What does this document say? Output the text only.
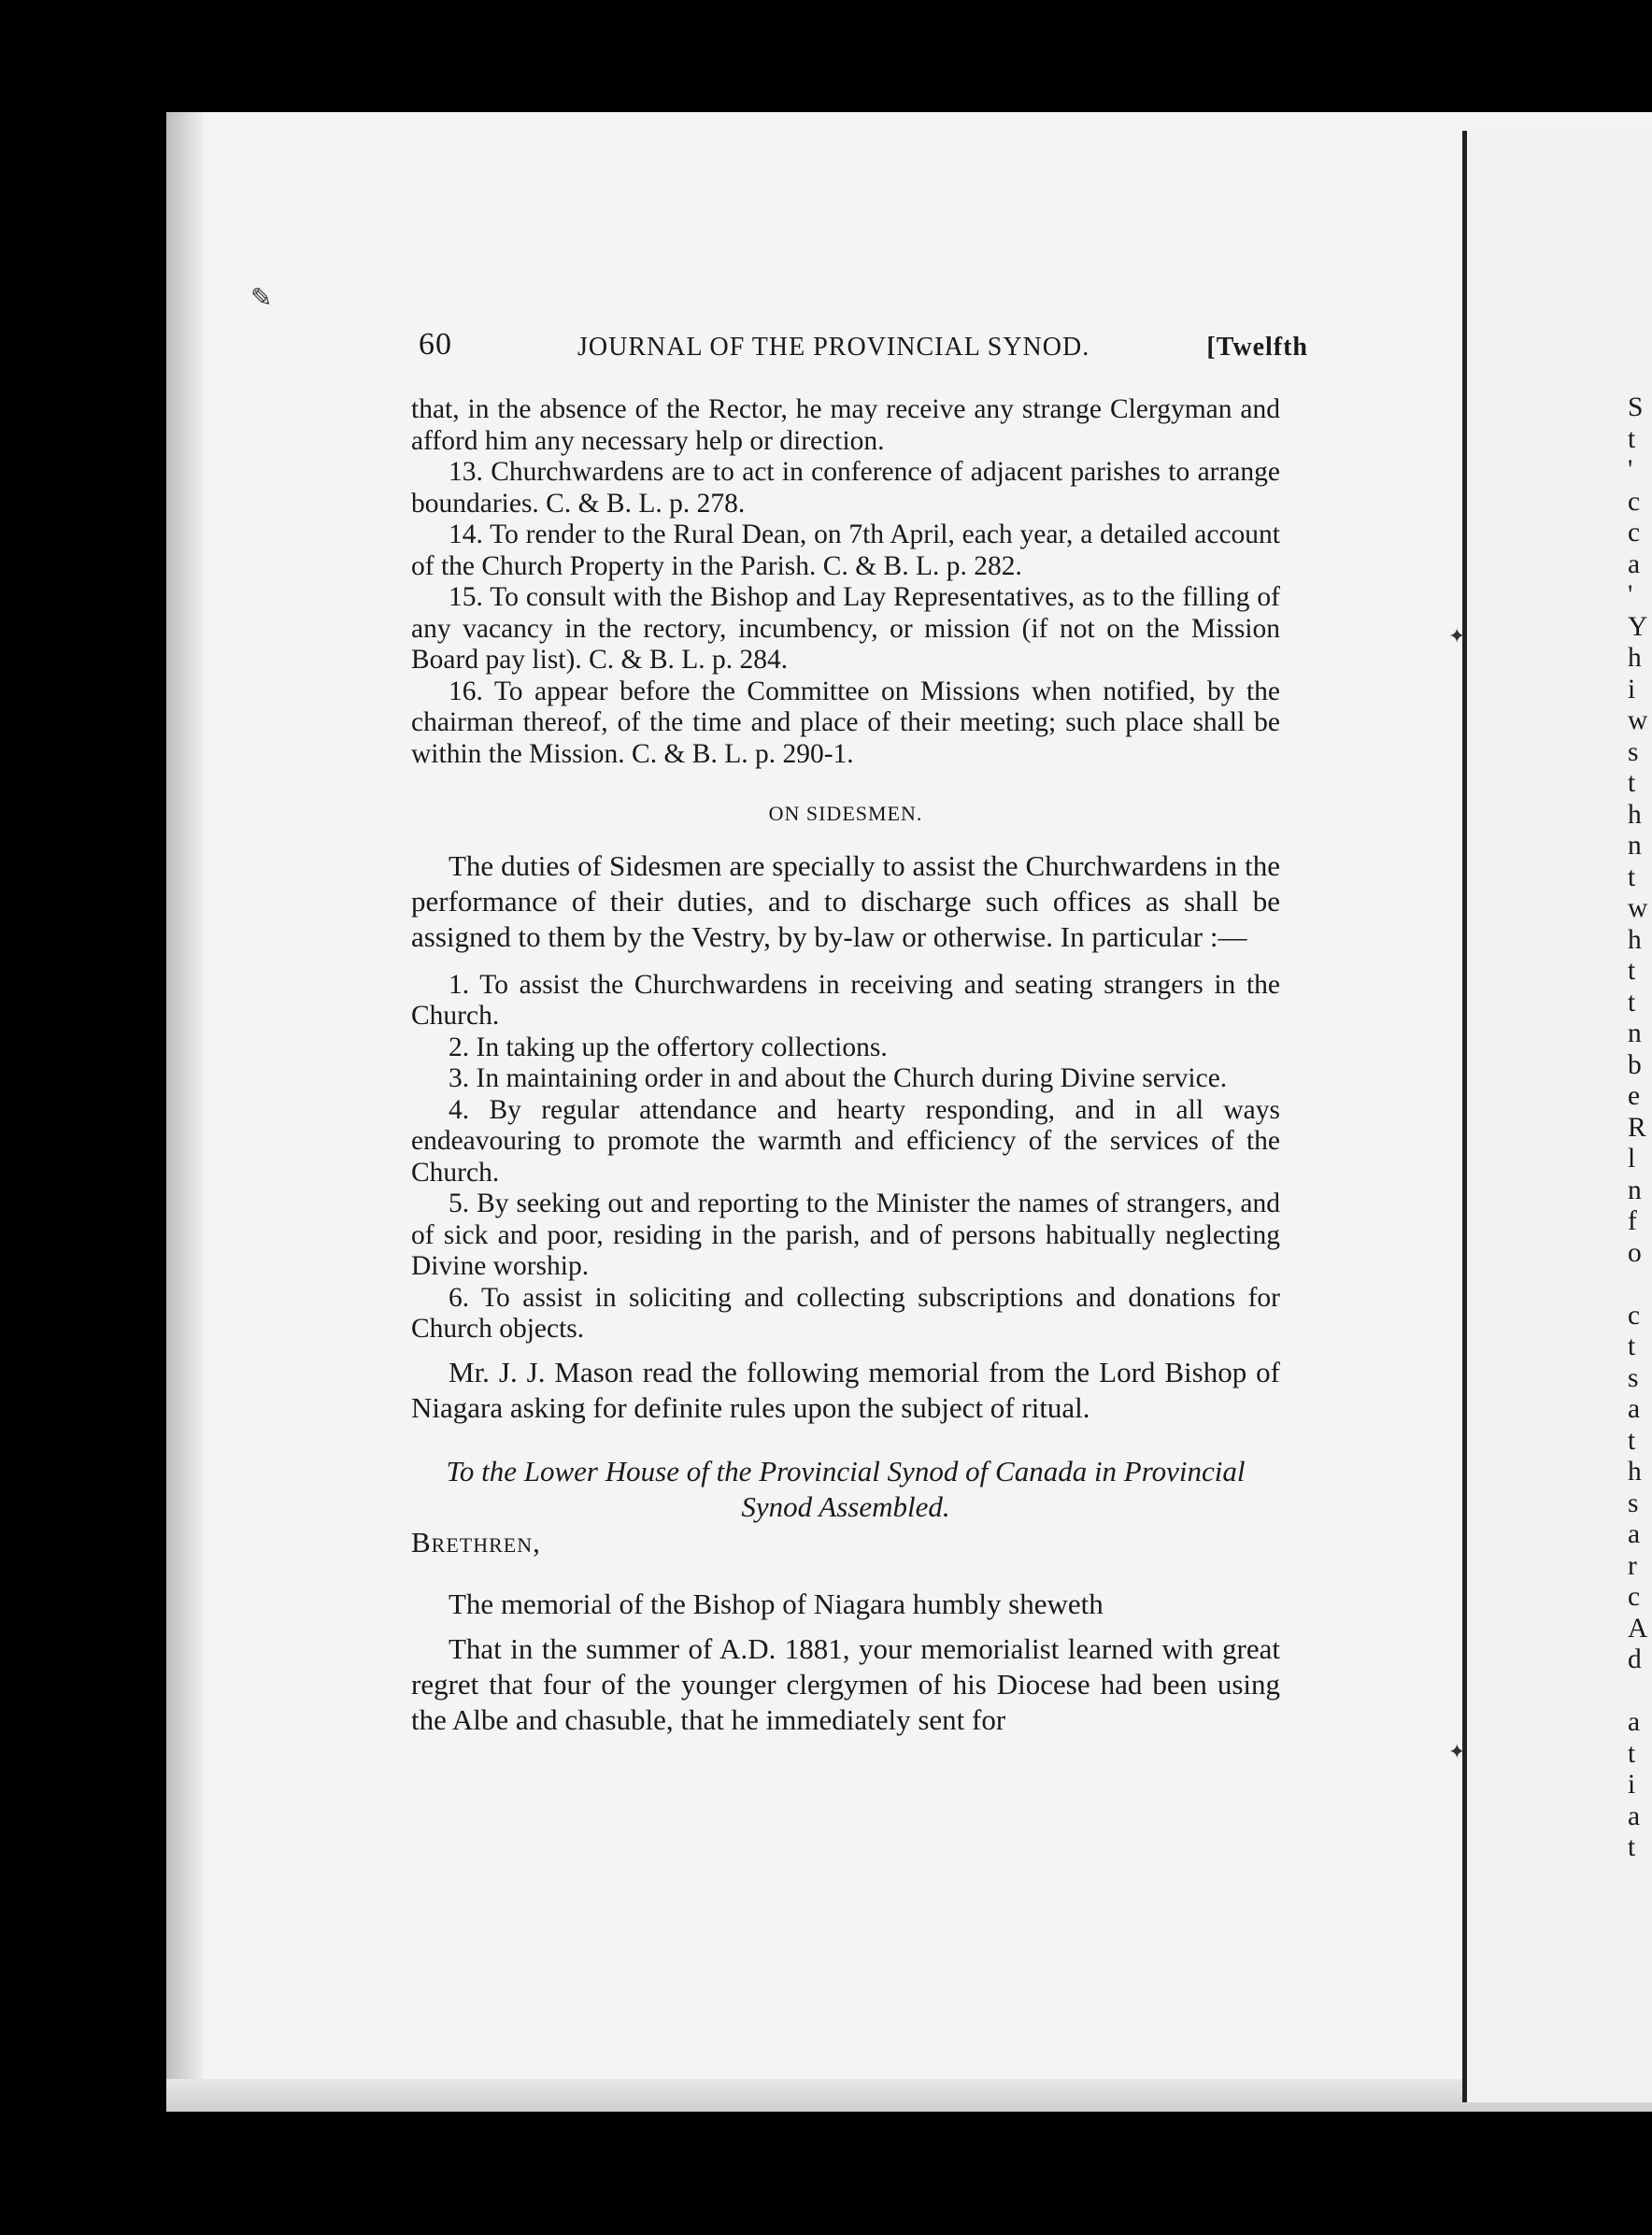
✎
60	JOURNAL OF THE PROVINCIAL SYNOD.	[Twelfth

that, in the absence of the Rector, he may receive any strange Clergyman and afford him any necessary help or direction.

13. Churchwardens are to act in conference of adjacent parishes to arrange boundaries. C. & B. L. p. 278.

14. To render to the Rural Dean, on 7th April, each year, a detailed account of the Church Property in the Parish. C. & B. L. p. 282.

15. To consult with the Bishop and Lay Representatives, as to the filling of any vacancy in the rectory, incumbency, or mission (if not on the Mission Board pay list). C. & B. L. p. 284.

16. To appear before the Committee on Missions when notified, by the chairman thereof, of the time and place of their meeting; such place shall be within the Mission. C. & B. L. p. 290-1.

ON SIDESMEN.

The duties of Sidesmen are specially to assist the Churchwardens in the performance of their duties, and to discharge such offices as shall be assigned to them by the Vestry, by by-law or otherwise. In particular :—

1. To assist the Churchwardens in receiving and seating strangers in the Church.

2. In taking up the offertory collections.

3. In maintaining order in and about the Church during Divine service.

4. By regular attendance and hearty responding, and in all ways endeavouring to promote the warmth and efficiency of the services of the Church.

5. By seeking out and reporting to the Minister the names of strangers, and of sick and poor, residing in the parish, and of persons habitually neglecting Divine worship.

6. To assist in soliciting and collecting subscriptions and donations for Church objects.

Mr. J. J. Mason read the following memorial from the Lord Bishop of Niagara asking for definite rules upon the subject of ritual.

To the Lower House of the Provincial Synod of Canada in Provincial Synod Assembled.

Brethren,

The memorial of the Bishop of Niagara humbly sheweth

That in the summer of A.D. 1881, your memorialist learned with great regret that four of the younger clergymen of his Diocese had been using the Albe and chasuble, that he immediately sent for

S
t
'
c
c
a
'
Y
h
i
w
s
t
h
n
t
w
h
t
t
n
b
e
R
l
n
f
o
c
t
s
a
t
h
s
a
r
c
A
d
a
t
i
a
t
✦
✦
